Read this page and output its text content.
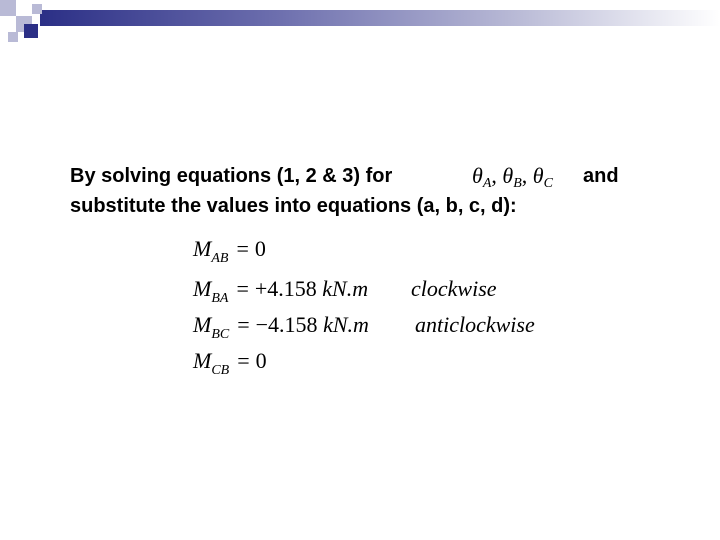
By solving equations (1, 2 & 3) for	$\theta_A$, $\theta_B$, $\theta_C$ and
substitute the values into equations (a, b, c, d):
$M_{AB} = 0$
$M_{BA} = +4.158$ kN.m clockwise
$M_{BC} = -4.158$ kN.m anticlockwise
$M_{CB} = 0$
